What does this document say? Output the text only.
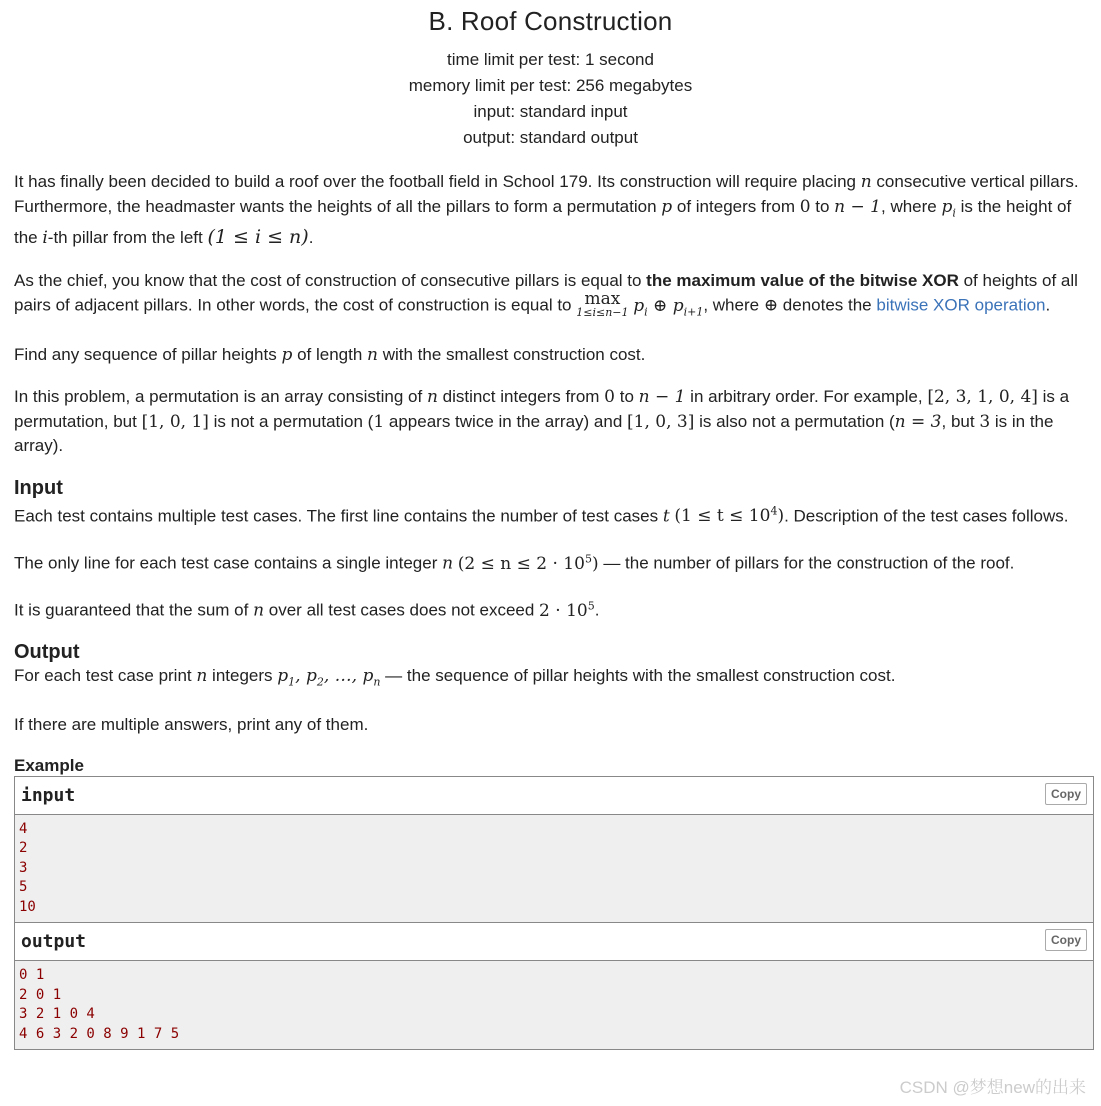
B. Roof Construction
time limit per test: 1 second
memory limit per test: 256 megabytes
input: standard input
output: standard output

It has finally been decided to build a roof over the football field in School 179. Its construction will require placing n consecutive vertical pillars. Furthermore, the headmaster wants the heights of all the pillars to form a permutation p of integers from 0 to n − 1, where $p_i$ is the height of the i-th pillar from the left (1 ≤ i ≤ n).

As the chief, you know that the cost of construction of consecutive pillars is equal to the maximum value of the bitwise XOR of heights of all pairs of adjacent pillars. In other words, the cost of construction is equal to max
1≤i≤n−1 $p_i$ ⊕ $p_{i+1}$, where ⊕ denotes the bitwise XOR operation.

Find any sequence of pillar heights p of length n with the smallest construction cost.

In this problem, a permutation is an array consisting of n distinct integers from 0 to n − 1 in arbitrary order. For example, [2, 3, 1, 0, 4] is a permutation, but [1, 0, 1] is not a permutation (1 appears twice in the array) and [1, 0, 3] is also not a permutation (n = 3, but 3 is in the array).

Input

Each test contains multiple test cases. The first line contains the number of test cases t $(1 \le t \le 10^4)$. Description of the test cases follows.

The only line for each test case contains a single integer n $(2 \le n \le 2 \cdot 10^5)$ — the number of pillars for the construction of the roof.

It is guaranteed that the sum of n over all test cases does not exceed $2 \cdot 10^5$.

Output

For each test case print n integers $p_1$, $p_2$, …, $p_n$ — the sequence of pillar heights with the smallest construction cost.

If there are multiple answers, print any of them.

Example
input	Copy
4
2
3
5
10
output	Copy
0 1
2 0 1
3 2 1 0 4
4 6 3 2 0 8 9 1 7 5
CSDN @梦想new的出来
